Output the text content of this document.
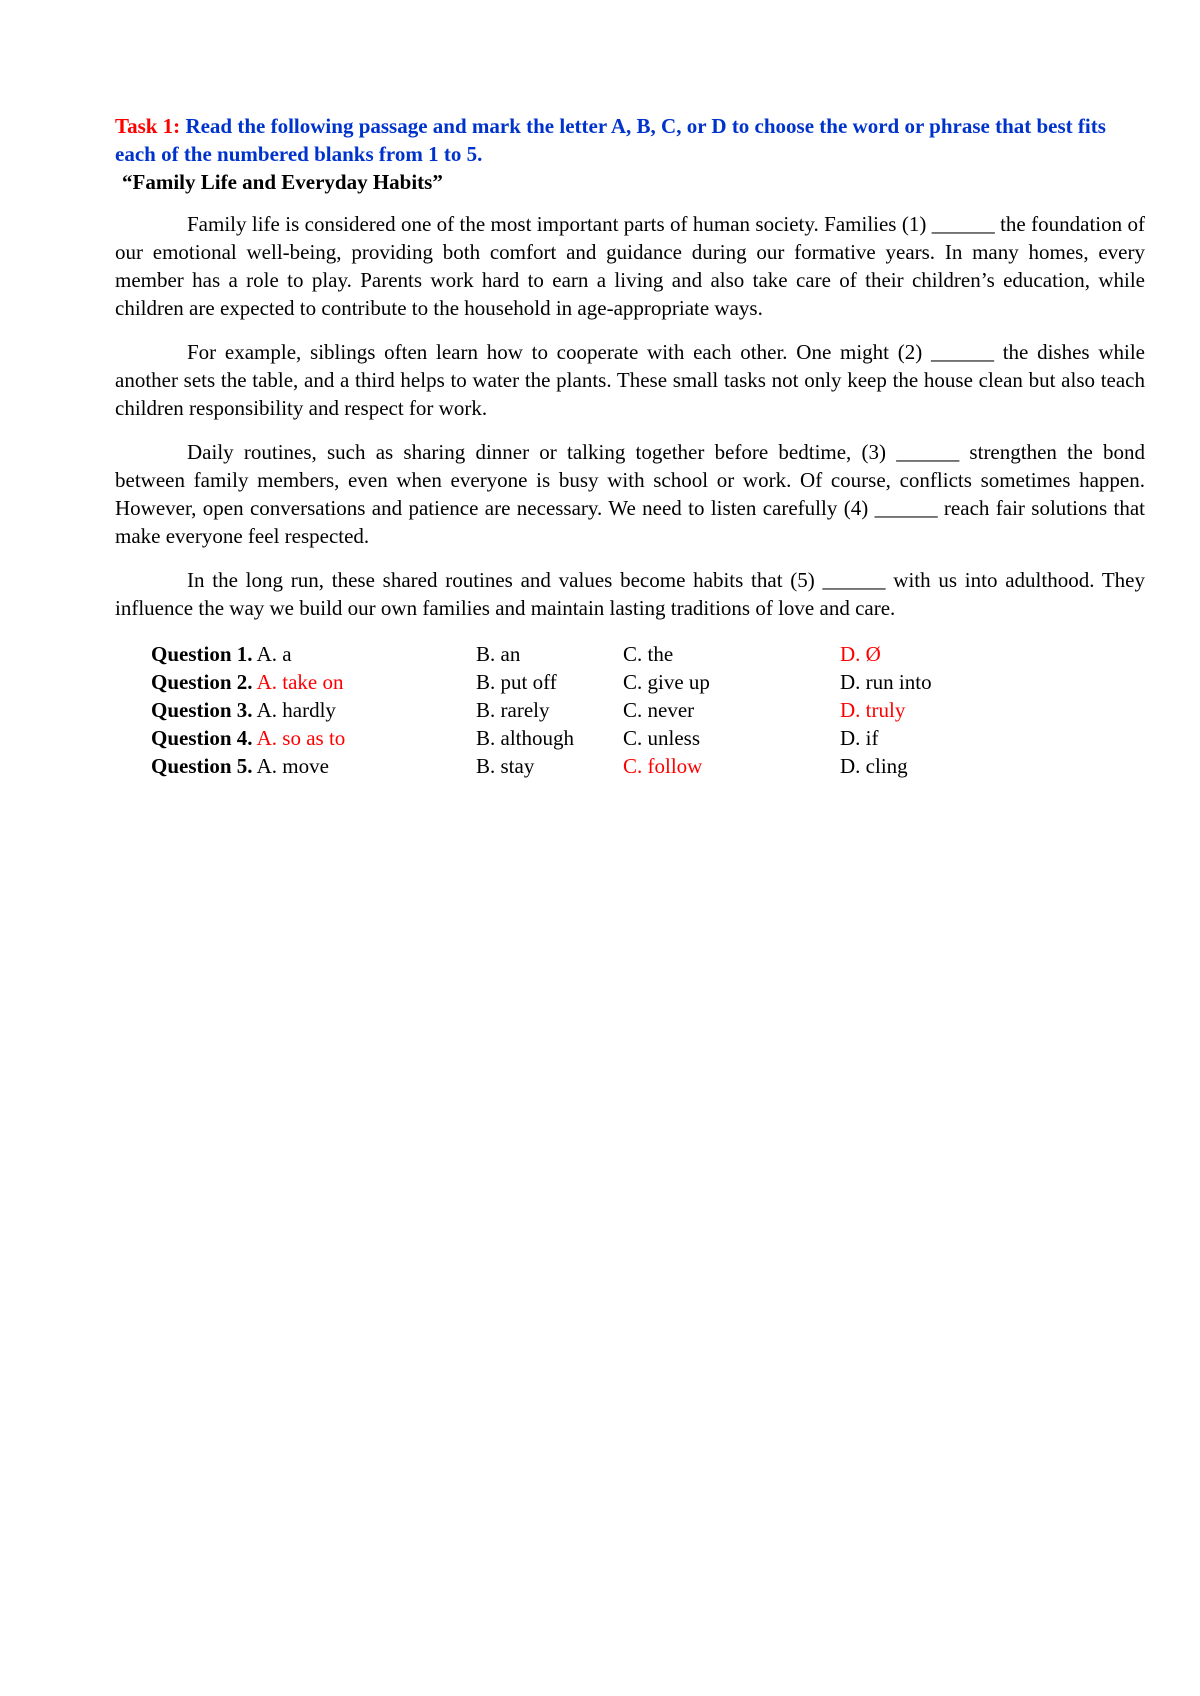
Task 1: Read the following passage and mark the letter A, B, C, or D to choose the word or phrase that best fits each of the numbered blanks from 1 to 5.

“Family Life and Everyday Habits”

Family life is considered one of the most important parts of human society. Families (1) ______ the foundation of our emotional well-being, providing both comfort and guidance during our formative years. In many homes, every member has a role to play. Parents work hard to earn a living and also take care of their children’s education, while children are expected to contribute to the household in age-appropriate ways.

For example, siblings often learn how to cooperate with each other. One might (2) ______ the dishes while another sets the table, and a third helps to water the plants. These small tasks not only keep the house clean but also teach children responsibility and respect for work.

Daily routines, such as sharing dinner or talking together before bedtime, (3) ______ strengthen the bond between family members, even when everyone is busy with school or work. Of course, conflicts sometimes happen. However, open conversations and patience are necessary. We need to listen carefully (4) ______ reach fair solutions that make everyone feel respected.

In the long run, these shared routines and values become habits that (5) ______ with us into adulthood. They influence the way we build our own families and maintain lasting traditions of love and care.

Question 1. A. a	B. an	C. the	D. Ø
Question 2. A. take on	B. put off	C. give up	D. run into
Question 3. A. hardly	B. rarely	C. never	D. truly
Question 4. A. so as to	B. although	C. unless	D. if
Question 5. A. move	B. stay	C. follow	D. cling
